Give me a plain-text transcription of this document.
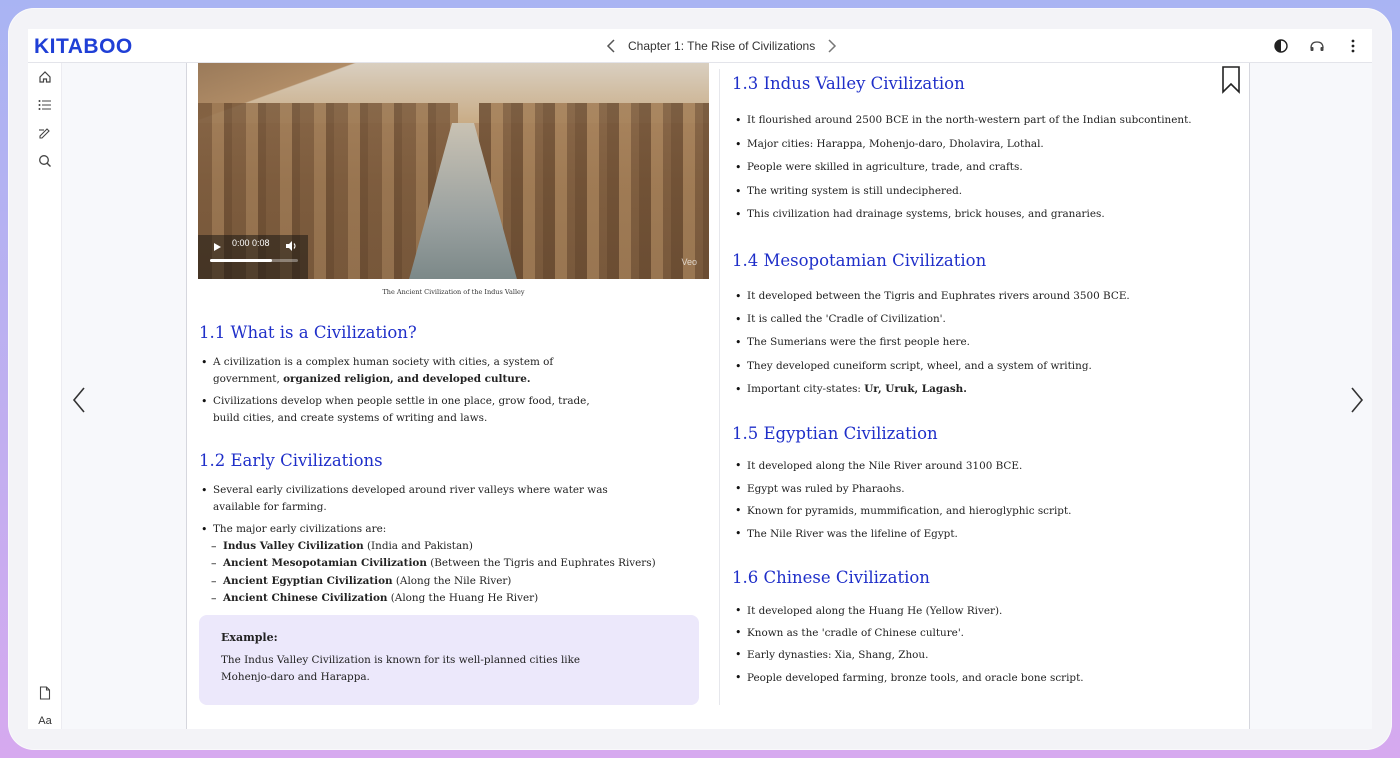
KITABOO	Chapter 1: The Rise of Civilizations
Aa
0:00 0:08
Veo
The Ancient Civilization of the Indus Valley
1.1 What is a Civilization?
• A civilization is a complex human society with cities, a system of government, organized religion, and developed culture.
• Civilizations develop when people settle in one place, grow food, trade, build cities, and create systems of writing and laws.
1.2 Early Civilizations
• Several early civilizations developed around river valleys where water was available for farming.
• The major early civilizations are:
– Indus Valley Civilization (India and Pakistan)
– Ancient Mesopotamian Civilization (Between the Tigris and Euphrates Rivers)
– Ancient Egyptian Civilization (Along the Nile River)
– Ancient Chinese Civilization (Along the Huang He River)
Example:
The Indus Valley Civilization is known for its well-planned cities like Mohenjo-daro and Harappa.
1.3 Indus Valley Civilization
• It flourished around 2500 BCE in the north-western part of the Indian subcontinent.
• Major cities: Harappa, Mohenjo-daro, Dholavira, Lothal.
• People were skilled in agriculture, trade, and crafts.
• The writing system is still undeciphered.
• This civilization had drainage systems, brick houses, and granaries.
1.4 Mesopotamian Civilization
• It developed between the Tigris and Euphrates rivers around 3500 BCE.
• It is called the 'Cradle of Civilization'.
• The Sumerians were the first people here.
• They developed cuneiform script, wheel, and a system of writing.
• Important city-states: Ur, Uruk, Lagash.
1.5 Egyptian Civilization
• It developed along the Nile River around 3100 BCE.
• Egypt was ruled by Pharaohs.
• Known for pyramids, mummification, and hieroglyphic script.
• The Nile River was the lifeline of Egypt.
1.6 Chinese Civilization
• It developed along the Huang He (Yellow River).
• Known as the 'cradle of Chinese culture'.
• Early dynasties: Xia, Shang, Zhou.
• People developed farming, bronze tools, and oracle bone script.
